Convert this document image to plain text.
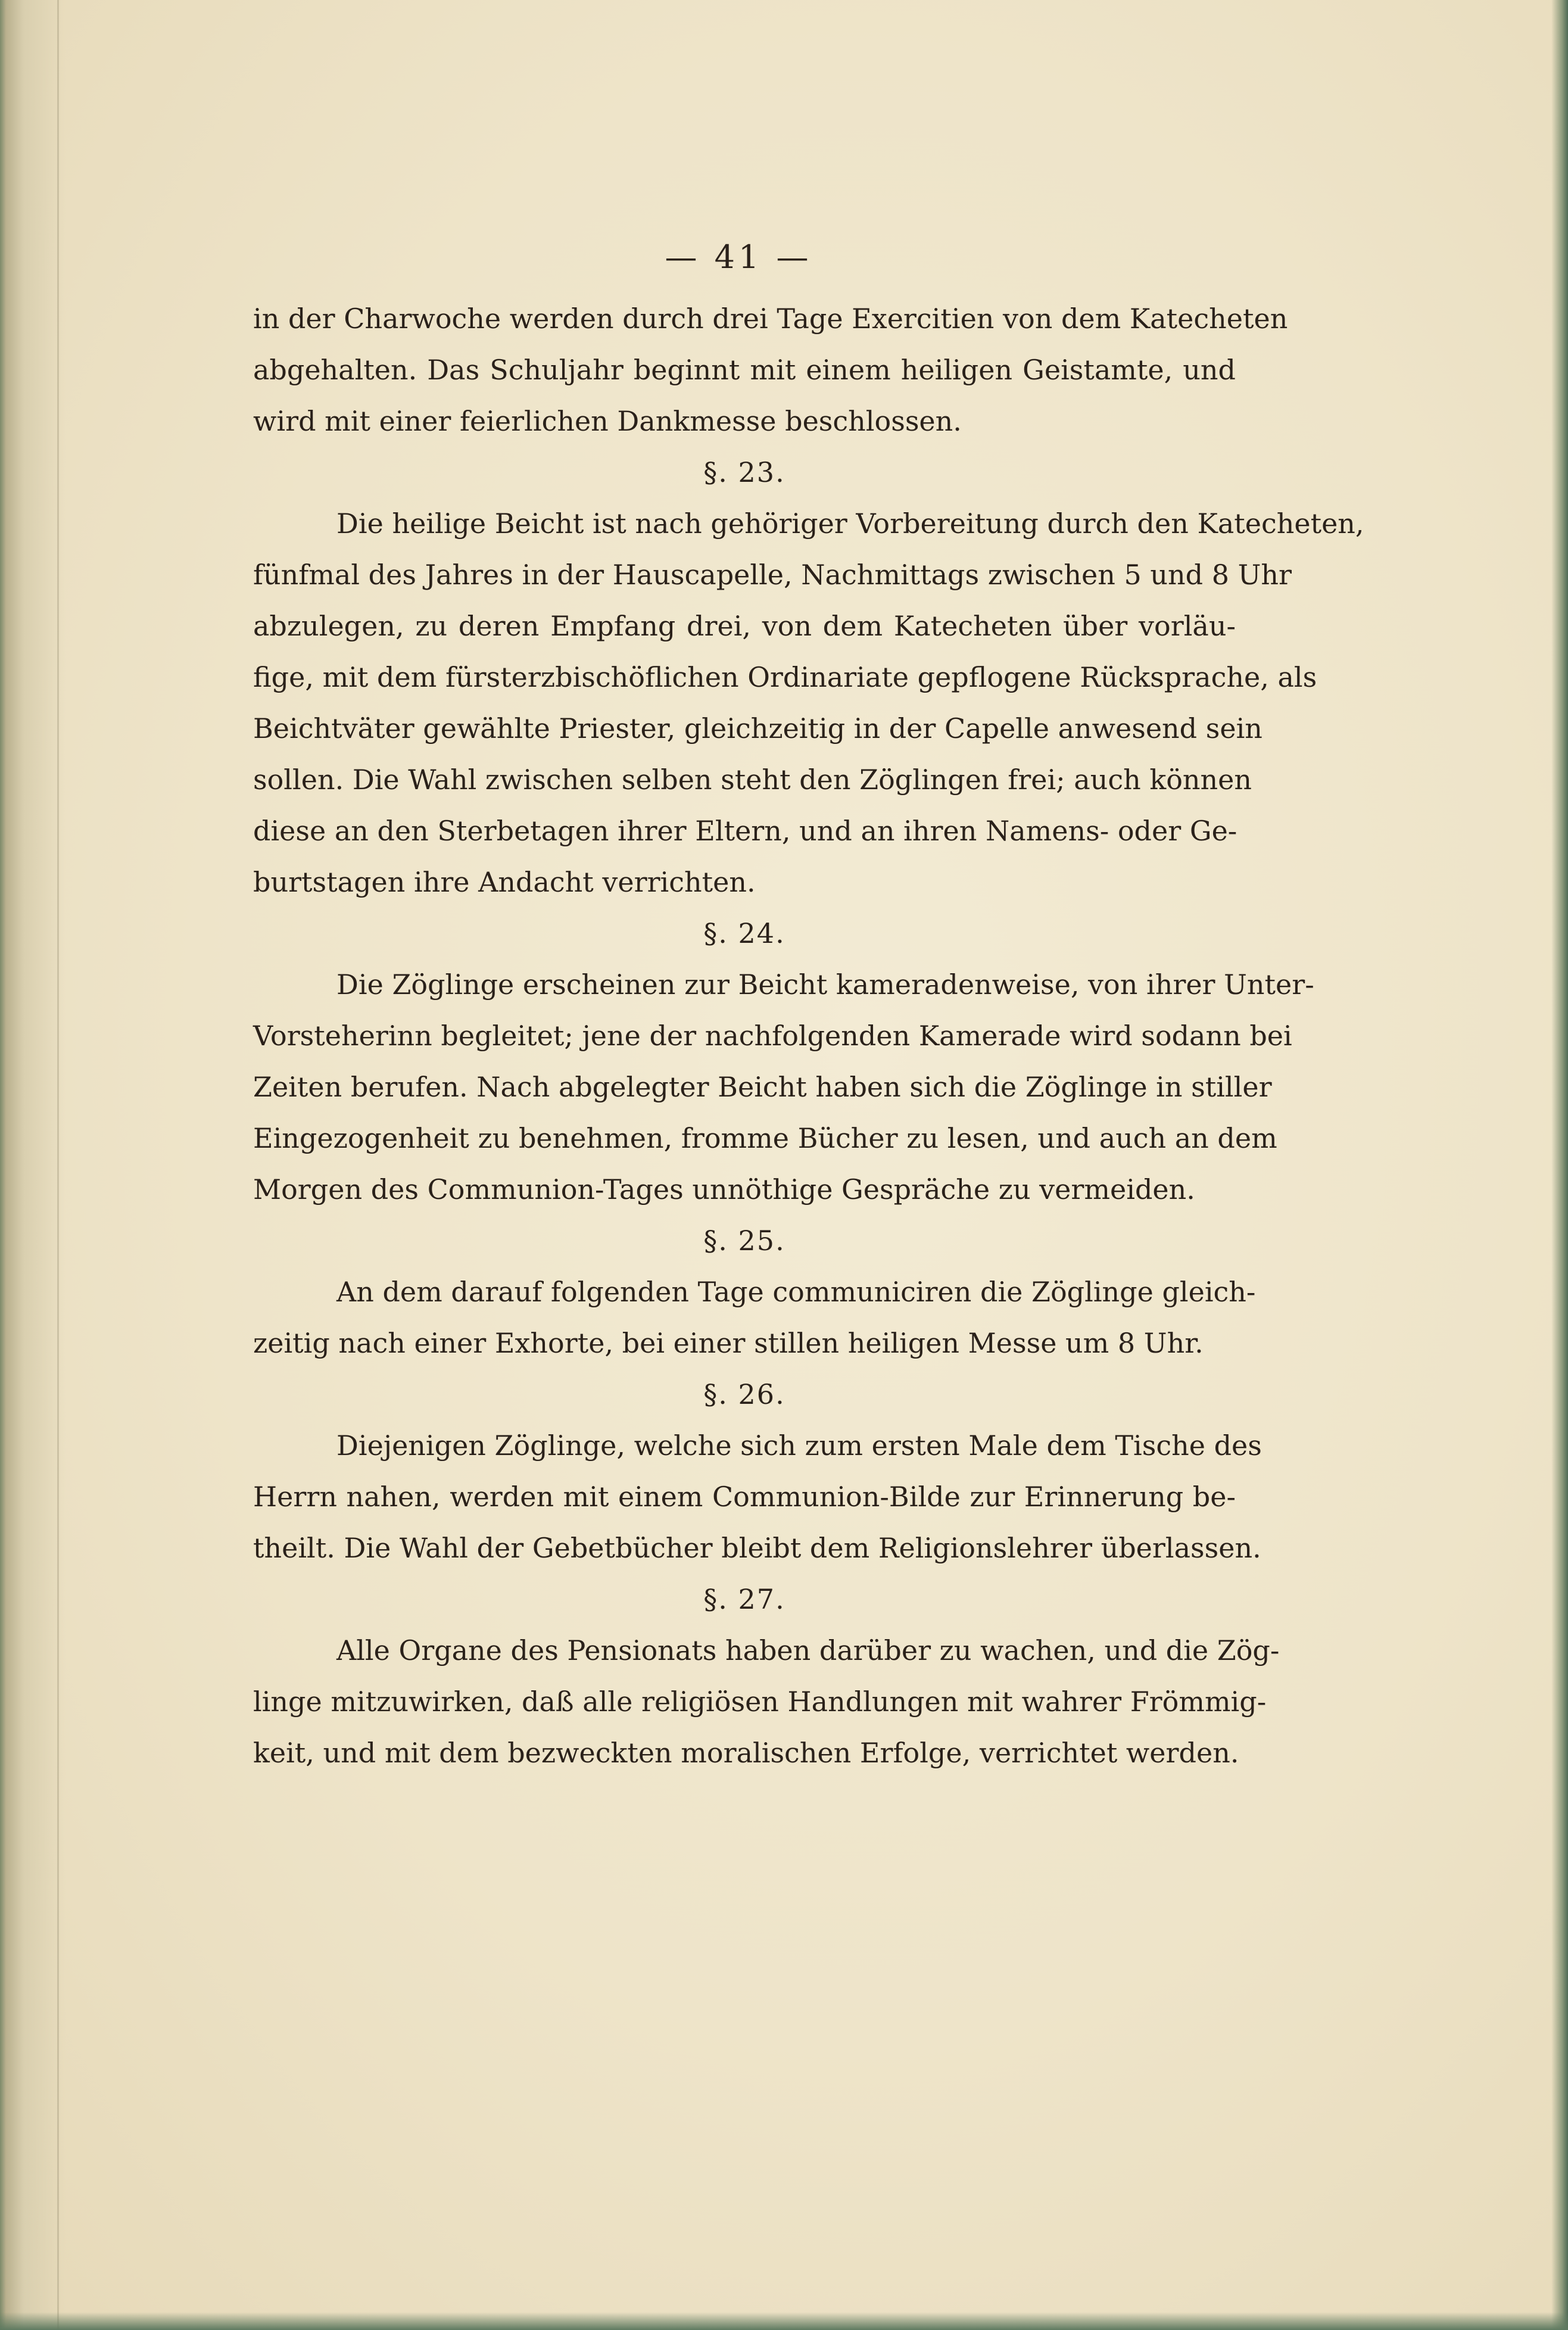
— 41 —
in der Charwoche werden durch drei Tage Exercitien von dem Katecheten
abgehalten. Das Schuljahr beginnt mit einem heiligen Geistamte, und
wird mit einer feierlichen Dankmesse beschlossen.
§. 23.
Die heilige Beicht ist nach gehöriger Vorbereitung durch den Katecheten,
fünfmal des Jahres in der Hauscapelle, Nachmittags zwischen 5 und 8 Uhr
abzulegen, zu deren Empfang drei, von dem Katecheten über vorläu-
fige, mit dem fürsterzbischöflichen Ordinariate gepflogene Rücksprache, als
Beichtväter gewählte Priester, gleichzeitig in der Capelle anwesend sein
sollen. Die Wahl zwischen selben steht den Zöglingen frei; auch können
diese an den Sterbetagen ihrer Eltern, und an ihren Namens- oder Ge-
burtstagen ihre Andacht verrichten.
§. 24.
Die Zöglinge erscheinen zur Beicht kameradenweise, von ihrer Unter-
Vorsteherinn begleitet; jene der nachfolgenden Kamerade wird sodann bei
Zeiten berufen. Nach abgelegter Beicht haben sich die Zöglinge in stiller
Eingezogenheit zu benehmen, fromme Bücher zu lesen, und auch an dem
Morgen des Communion-Tages unnöthige Gespräche zu vermeiden.
§. 25.
An dem darauf folgenden Tage communiciren die Zöglinge gleich-
zeitig nach einer Exhorte, bei einer stillen heiligen Messe um 8 Uhr.
§. 26.
Diejenigen Zöglinge, welche sich zum ersten Male dem Tische des
Herrn nahen, werden mit einem Communion-Bilde zur Erinnerung be-
theilt. Die Wahl der Gebetbücher bleibt dem Religionslehrer überlassen.
§. 27.
Alle Organe des Pensionats haben darüber zu wachen, und die Zög-
linge mitzuwirken, daß alle religiösen Handlungen mit wahrer Frömmig-
keit, und mit dem bezweckten moralischen Erfolge, verrichtet werden.
